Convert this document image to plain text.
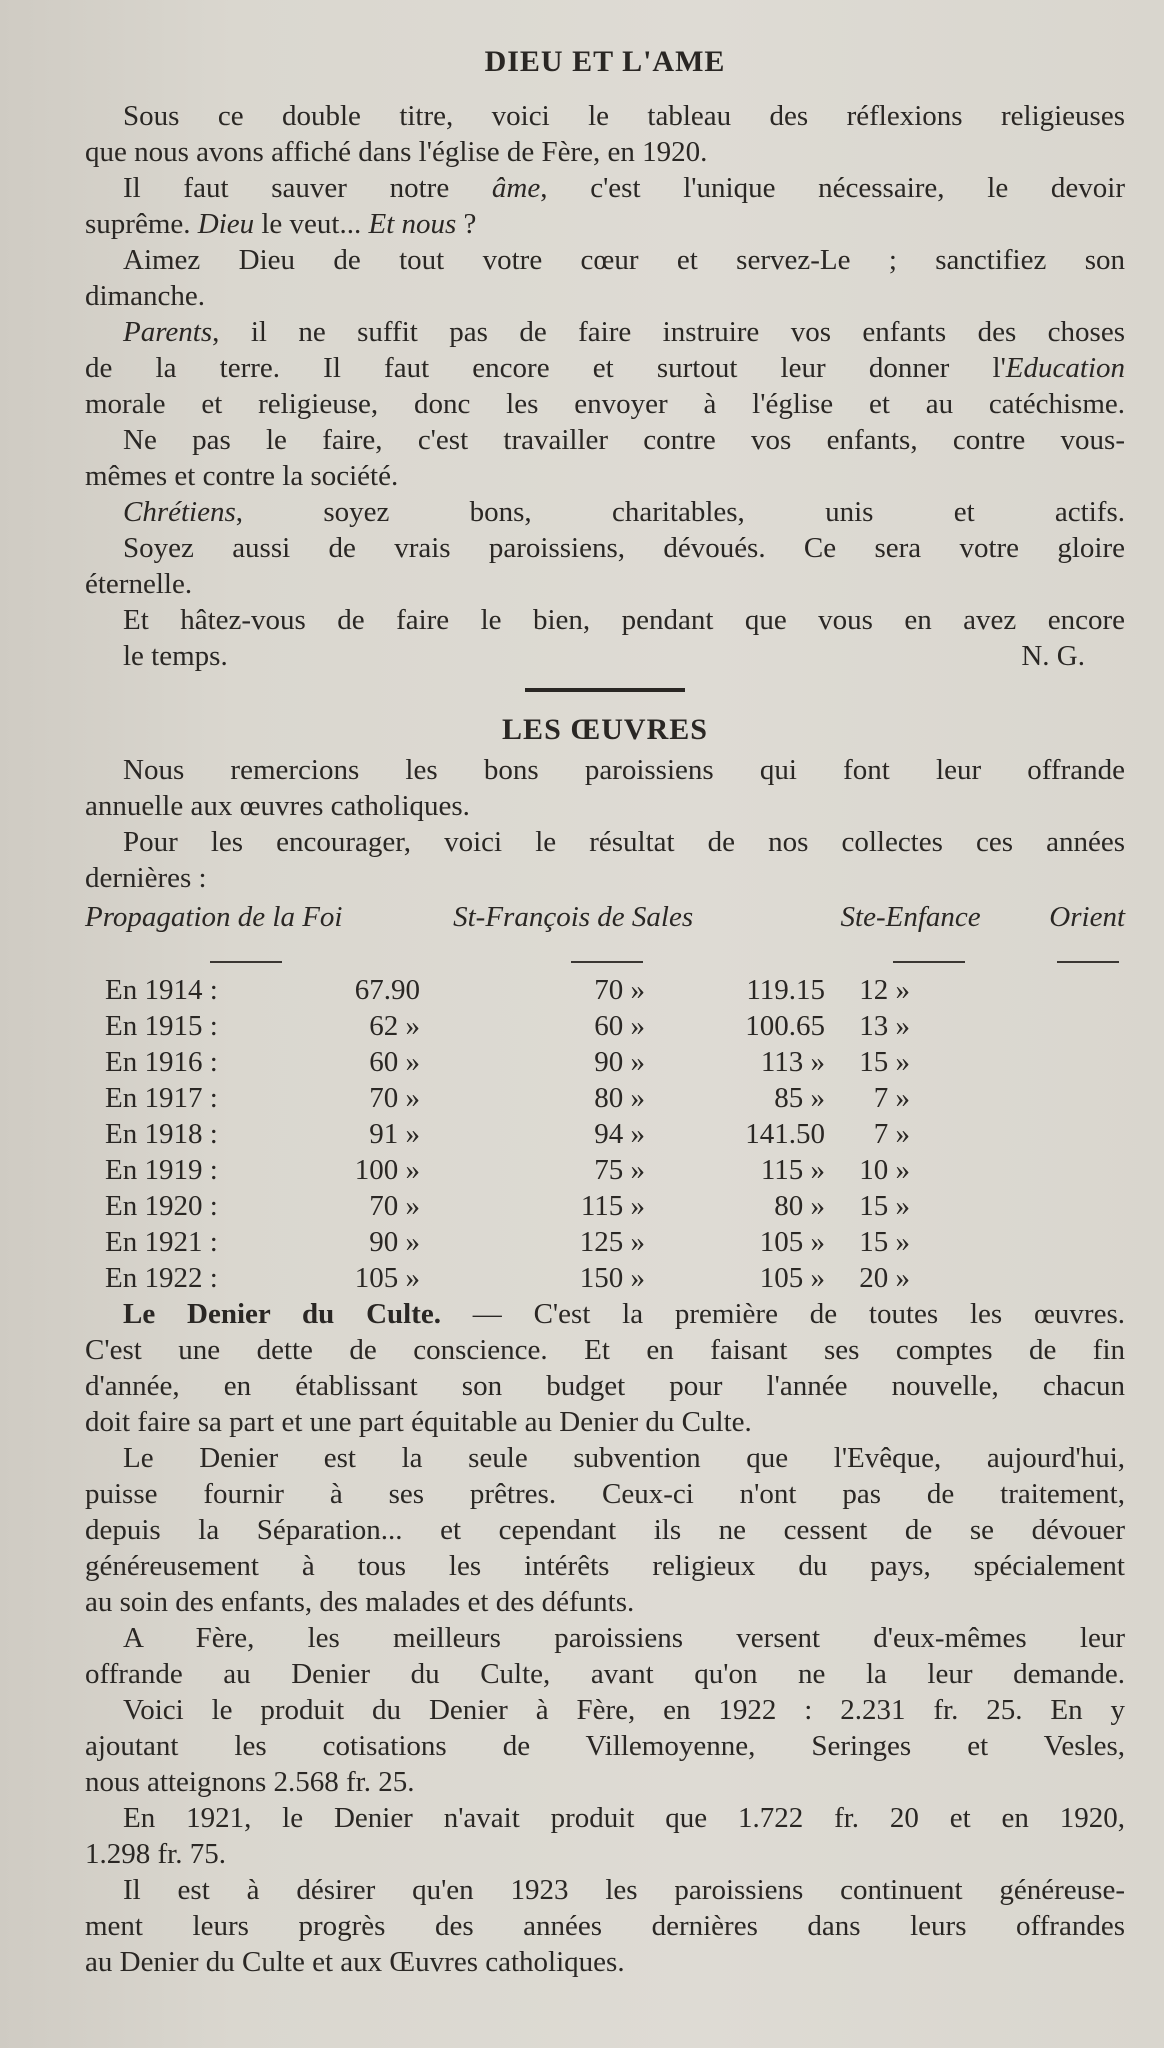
DIEU ET L'AME
Sous ce double titre, voici le tableau des réflexions religieuses
que nous avons affiché dans l'église de Fère, en 1920.
Il faut sauver notre âme, c'est l'unique nécessaire, le devoir
suprême. Dieu le veut... Et nous ?
Aimez Dieu de tout votre cœur et servez-Le ; sanctifiez son
dimanche.
Parents, il ne suffit pas de faire instruire vos enfants des choses
de la terre. Il faut encore et surtout leur donner l'Education
morale et religieuse, donc les envoyer à l'église et au catéchisme.
Ne pas le faire, c'est travailler contre vos enfants, contre vous-
mêmes et contre la société.
Chrétiens, soyez bons, charitables, unis et actifs.
Soyez aussi de vrais paroissiens, dévoués. Ce sera votre gloire
éternelle.
Et hâtez-vous de faire le bien, pendant que vous en avez encore
le temps.	N. G.
LES ŒUVRES
Nous remercions les bons paroissiens qui font leur offrande
annuelle aux œuvres catholiques.
Pour les encourager, voici le résultat de nos collectes ces années
dernières :
Propagation de la Foi	St-François de Sales	Ste-Enfance	Orient

En 1914 : 67.90 70 » 119.15 12 »			
En 1915 : 62 » 60 » 100.65 13 »			
En 1916 : 60 » 90 » 113 » 15 »			
En 1917 : 70 » 80 » 85 » 7 »			
En 1918 : 91 » 94 » 141.50 7 »			
En 1919 : 100 » 75 » 115 » 10 »			
En 1920 : 70 » 115 » 80 » 15 »			
En 1921 : 90 » 125 » 105 » 15 »			
En 1922 : 105 » 150 » 105 » 20 »			
Le Denier du Culte. — C'est la première de toutes les œuvres.
C'est une dette de conscience. Et en faisant ses comptes de fin
d'année, en établissant son budget pour l'année nouvelle, chacun
doit faire sa part et une part équitable au Denier du Culte.
Le Denier est la seule subvention que l'Evêque, aujourd'hui,
puisse fournir à ses prêtres. Ceux-ci n'ont pas de traitement,
depuis la Séparation... et cependant ils ne cessent de se dévouer
généreusement à tous les intérêts religieux du pays, spécialement
au soin des enfants, des malades et des défunts.
A Fère, les meilleurs paroissiens versent d'eux-mêmes leur
offrande au Denier du Culte, avant qu'on ne la leur demande.
Voici le produit du Denier à Fère, en 1922 : 2.231 fr. 25. En y
ajoutant les cotisations de Villemoyenne, Seringes et Vesles,
nous atteignons 2.568 fr. 25.
En 1921, le Denier n'avait produit que 1.722 fr. 20 et en 1920,
1.298 fr. 75.
Il est à désirer qu'en 1923 les paroissiens continuent généreuse-
ment leurs progrès des années dernières dans leurs offrandes
au Denier du Culte et aux Œuvres catholiques.
